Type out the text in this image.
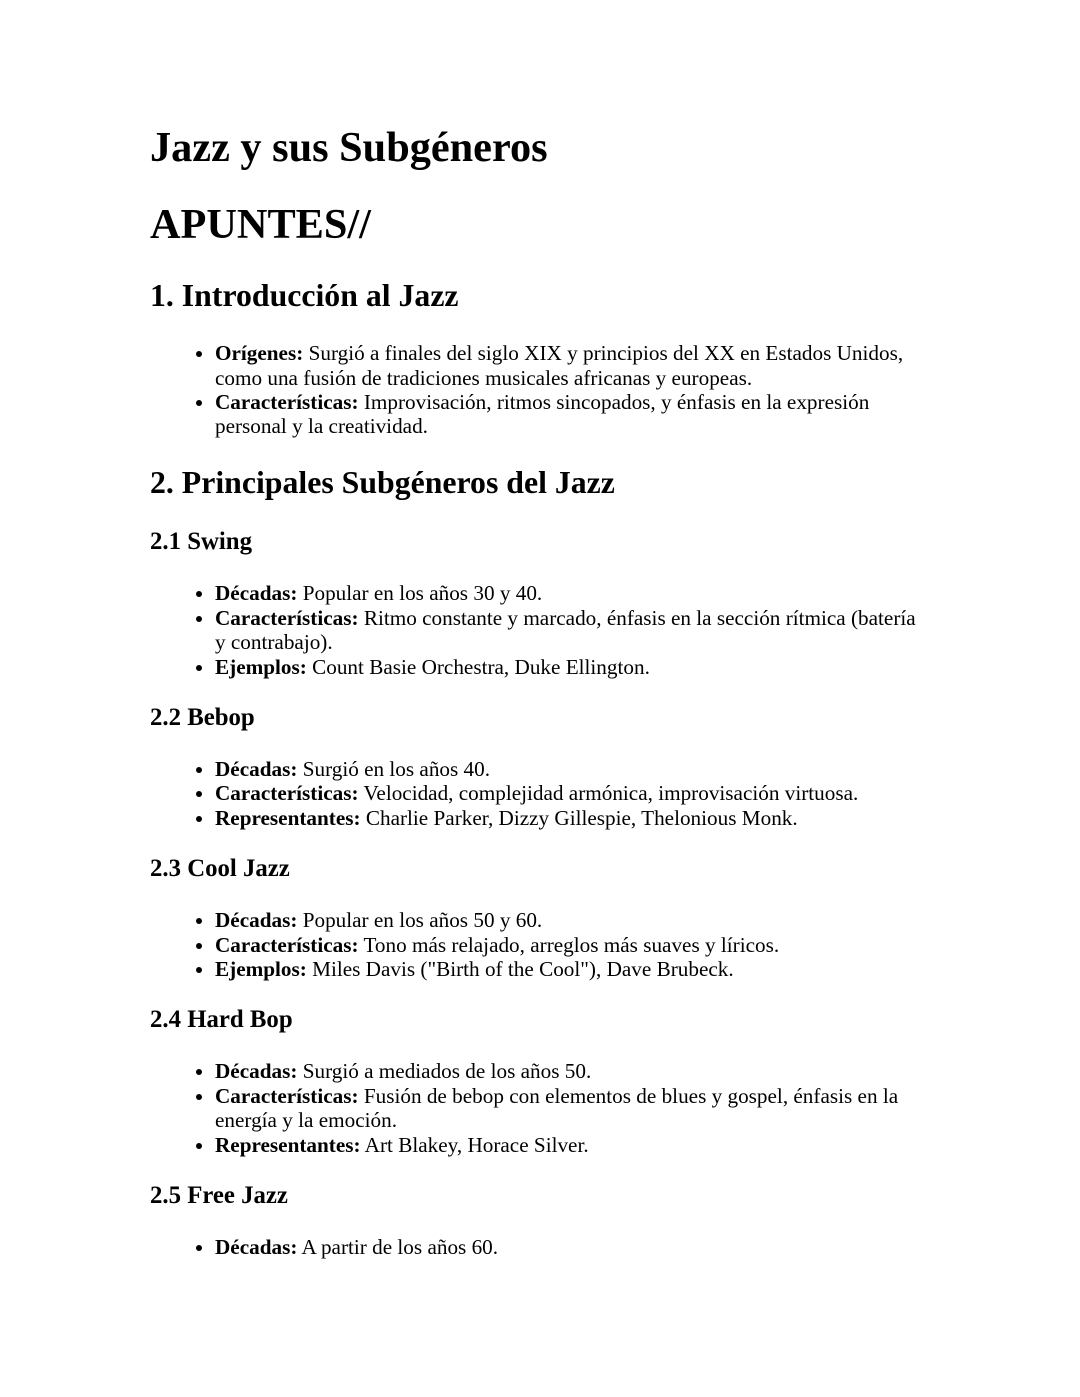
Jazz y sus Subgéneros
APUNTES//
1. Introducción al Jazz
• Orígenes: Surgió a finales del siglo XIX y principios del XX en Estados Unidos, como una fusión de tradiciones musicales africanas y europeas.
• Características: Improvisación, ritmos sincopados, y énfasis en la expresión personal y la creatividad.
2. Principales Subgéneros del Jazz
2.1 Swing
• Décadas: Popular en los años 30 y 40.
• Características: Ritmo constante y marcado, énfasis en la sección rítmica (batería y contrabajo).
• Ejemplos: Count Basie Orchestra, Duke Ellington.
2.2 Bebop
• Décadas: Surgió en los años 40.
• Características: Velocidad, complejidad armónica, improvisación virtuosa.
• Representantes: Charlie Parker, Dizzy Gillespie, Thelonious Monk.
2.3 Cool Jazz
• Décadas: Popular en los años 50 y 60.
• Características: Tono más relajado, arreglos más suaves y líricos.
• Ejemplos: Miles Davis ("Birth of the Cool"), Dave Brubeck.
2.4 Hard Bop
• Décadas: Surgió a mediados de los años 50.
• Características: Fusión de bebop con elementos de blues y gospel, énfasis en la energía y la emoción.
• Representantes: Art Blakey, Horace Silver.
2.5 Free Jazz
• Décadas: A partir de los años 60.
